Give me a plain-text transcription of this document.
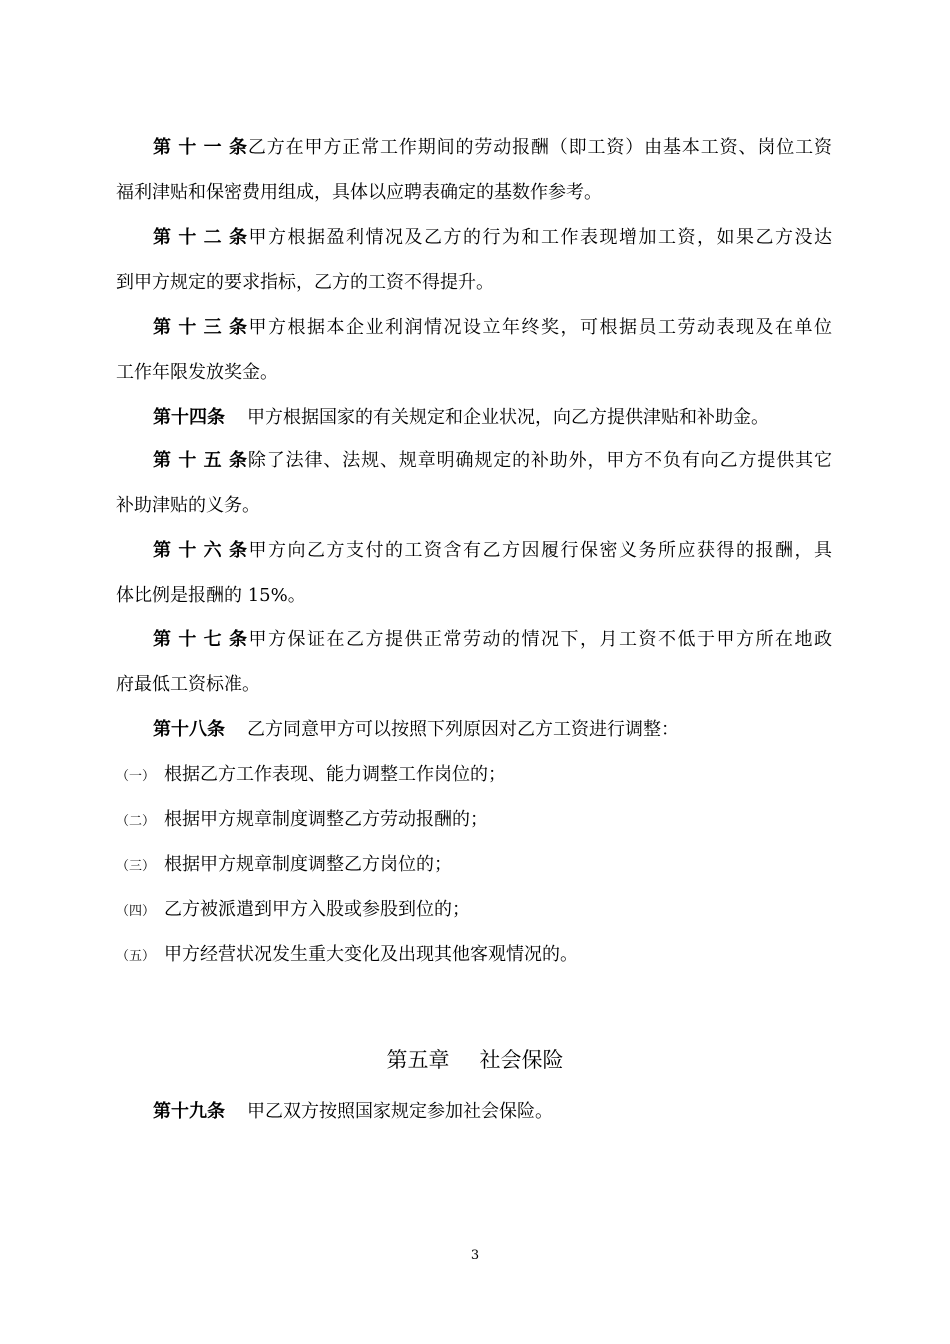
第十一条乙方在甲方正常工作期间的劳动报酬（即工资）由基本工资、岗位工资
福利津贴和保密费用组成，具体以应聘表确定的基数作参考。
第十二条甲方根据盈利情况及乙方的行为和工作表现增加工资，如果乙方没达
到甲方规定的要求指标，乙方的工资不得提升。
第十三条甲方根据本企业利润情况设立年终奖，可根据员工劳动表现及在单位
工作年限发放奖金。
第十四条 甲方根据国家的有关规定和企业状况，向乙方提供津贴和补助金。
第十五条除了法律、法规、规章明确规定的补助外，甲方不负有向乙方提供其它
补助津贴的义务。
第十六条甲方向乙方支付的工资含有乙方因履行保密义务所应获得的报酬，具
体比例是报酬的 15%。
第十七条甲方保证在乙方提供正常劳动的情况下，月工资不低于甲方所在地政
府最低工资标准。
第十八条 乙方同意甲方可以按照下列原因对乙方工资进行调整：
（一） 根据乙方工作表现、能力调整工作岗位的；
（二） 根据甲方规章制度调整乙方劳动报酬的；
（三） 根据甲方规章制度调整乙方岗位的；
（四） 乙方被派遣到甲方入股或参股到位的；
（五） 甲方经营状况发生重大变化及出现其他客观情况的。
第五章 社会保险
第十九条 甲乙双方按照国家规定参加社会保险。
3
